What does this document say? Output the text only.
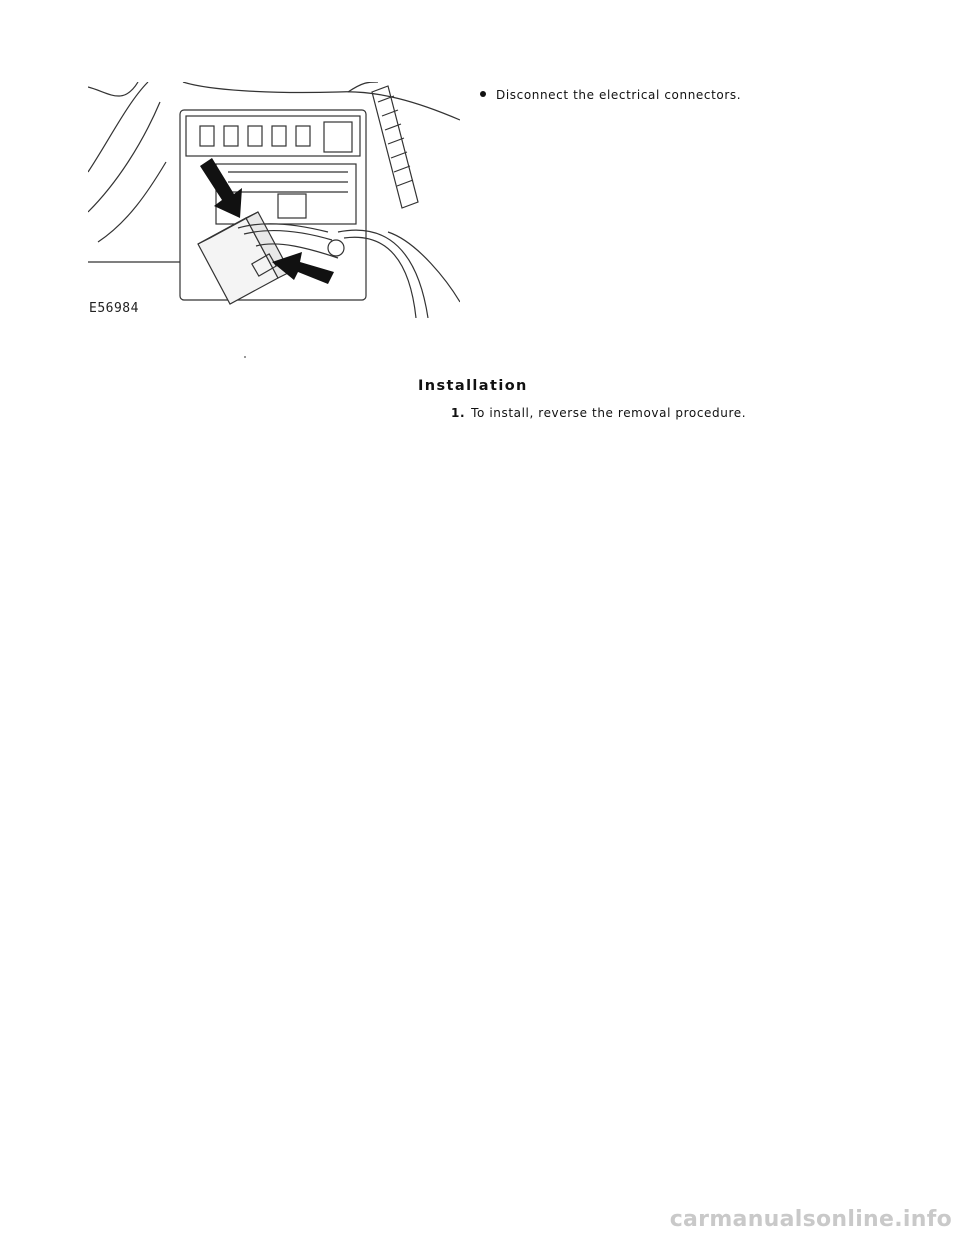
E56984
Disconnect the electrical connectors.
Installation
1. To install, reverse the removal procedure.
carmanualsonline.info
